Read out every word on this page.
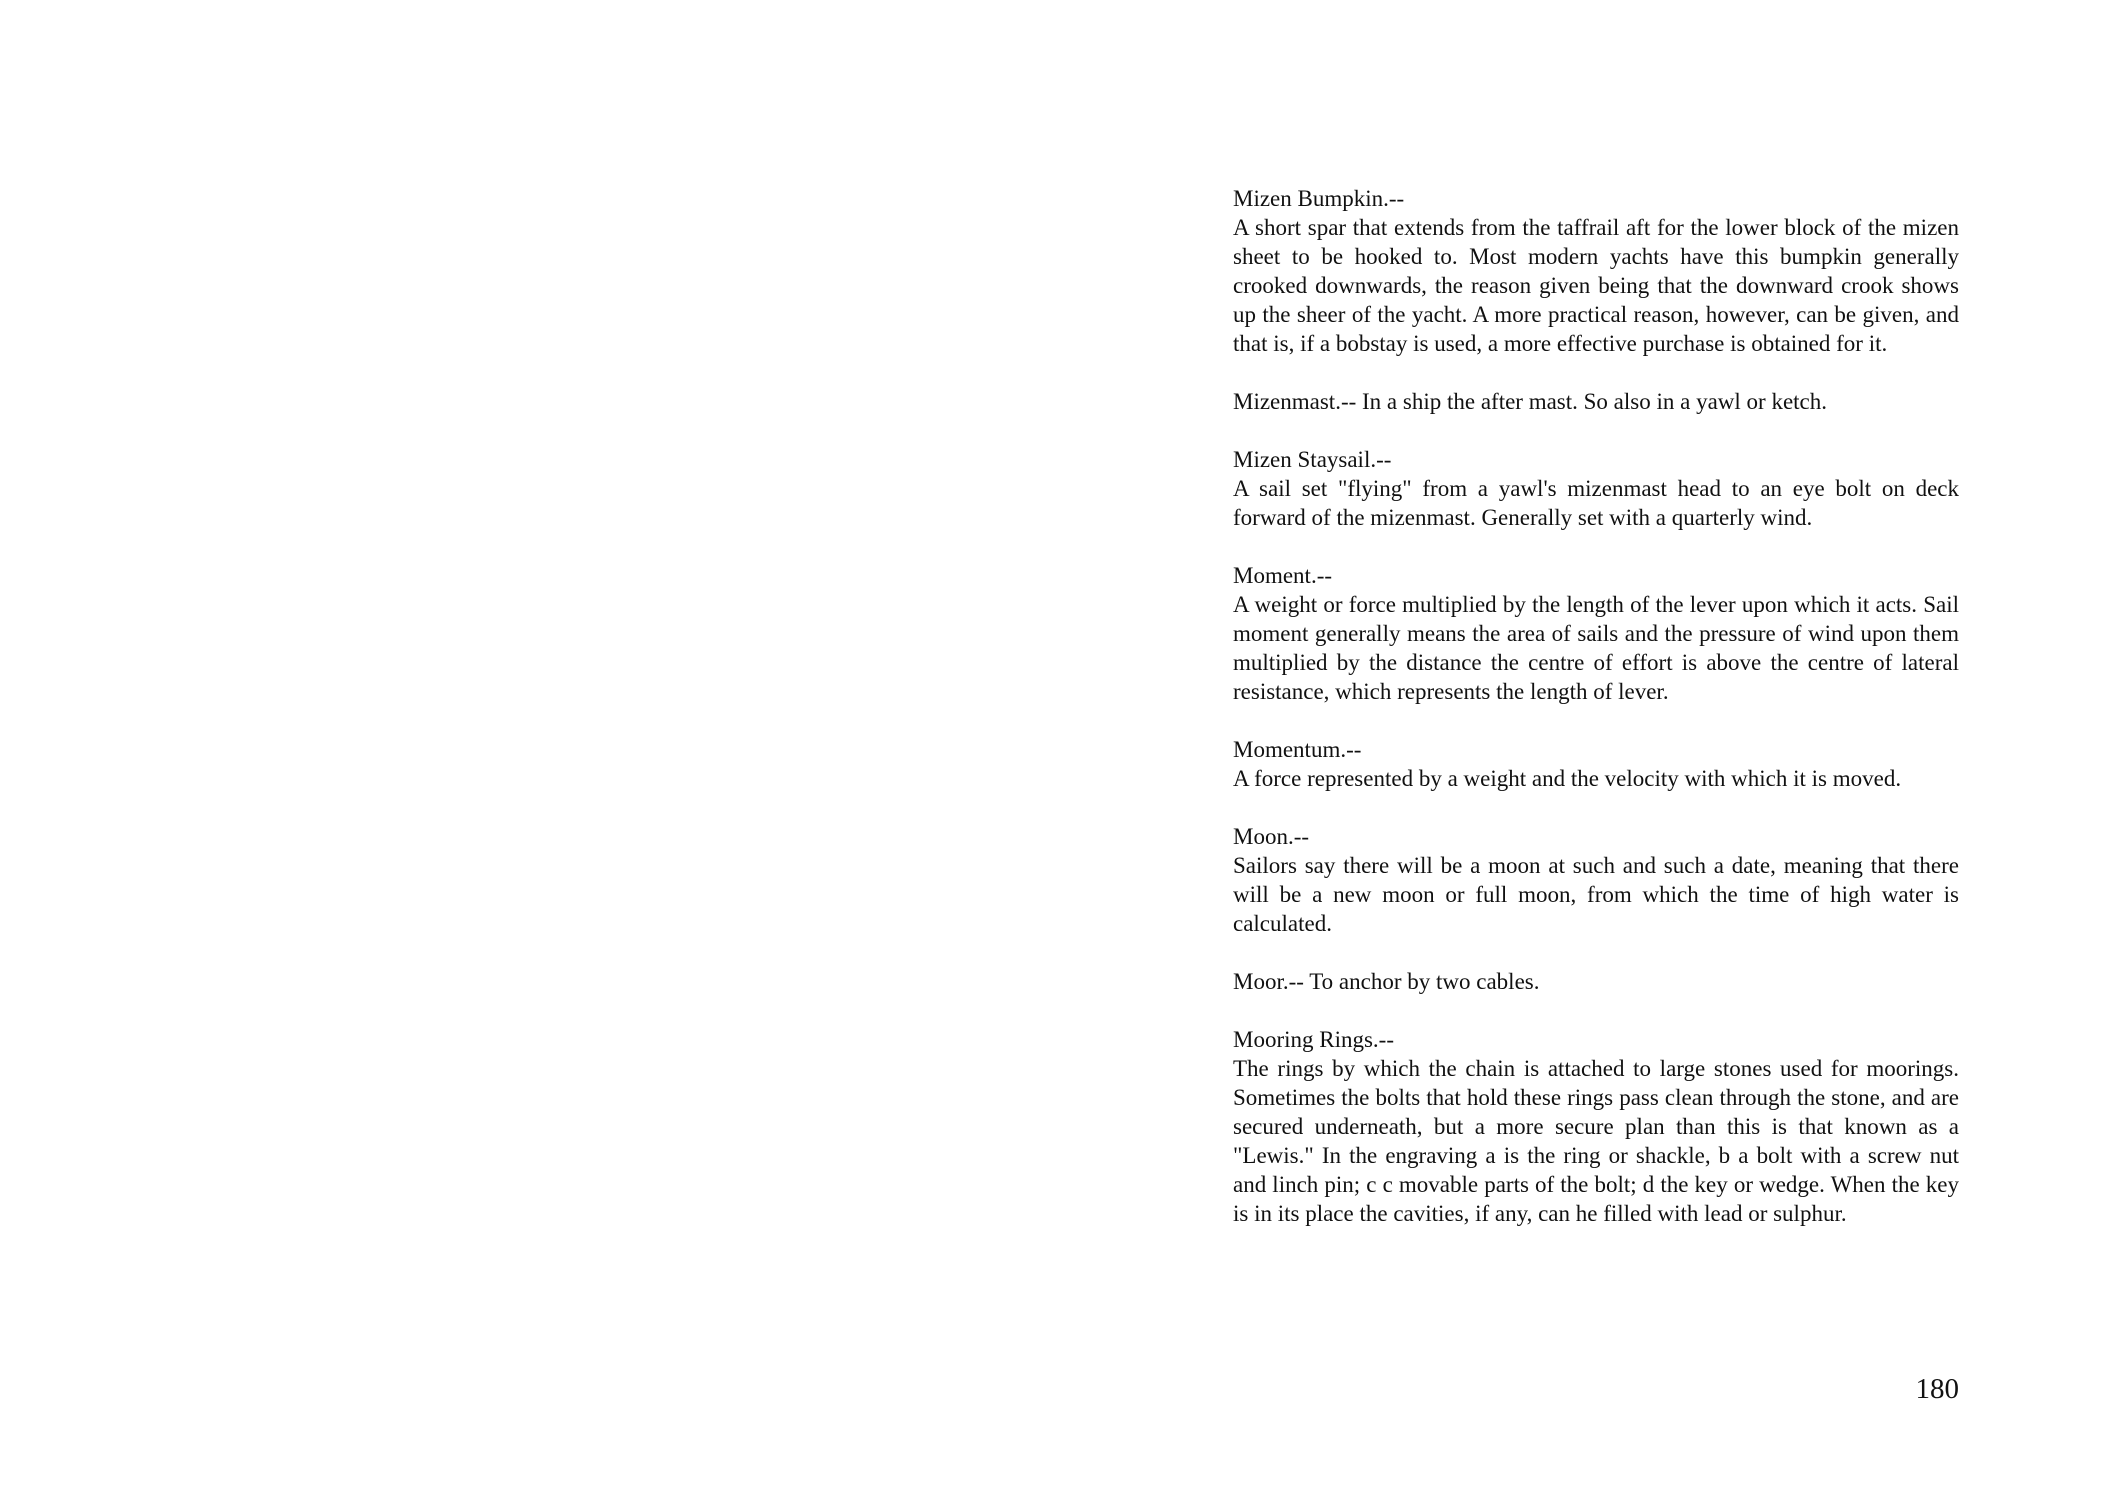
Mizen Bumpkin.--
A short spar that extends from the taffrail aft for the lower block of the mizen sheet to be hooked to. Most modern yachts have this bumpkin generally crooked downwards, the reason given being that the downward crook shows up the sheer of the yacht. A more practical reason, however, can be given, and that is, if a bobstay is used, a more effective purchase is obtained for it.

Mizenmast.-- In a ship the after mast. So also in a yawl or ketch.

Mizen Staysail.--
A sail set "flying" from a yawl's mizenmast head to an eye bolt on deck forward of the mizenmast. Generally set with a quarterly wind.
Moment.--
A weight or force multiplied by the length of the lever upon which it acts. Sail moment generally means the area of sails and the pressure of wind upon them multiplied by the distance the centre of effort is above the centre of lateral resistance, which represents the length of lever.
Momentum.--
A force represented by a weight and the velocity with which it is moved.
Moon.--
Sailors say there will be a moon at such and such a date, meaning that there will be a new moon or full moon, from which the time of high water is calculated.

Moor.-- To anchor by two cables.

Mooring Rings.--
The rings by which the chain is attached to large stones used for moorings. Sometimes the bolts that hold these rings pass clean through the stone, and are secured underneath, but a more secure plan than this is that known as a "Lewis." In the engraving a is the ring or shackle, b a bolt with a screw nut and linch pin; c c movable parts of the bolt; d the key or wedge. When the key is in its place the cavities, if any, can he filled with lead or sulphur.
180
